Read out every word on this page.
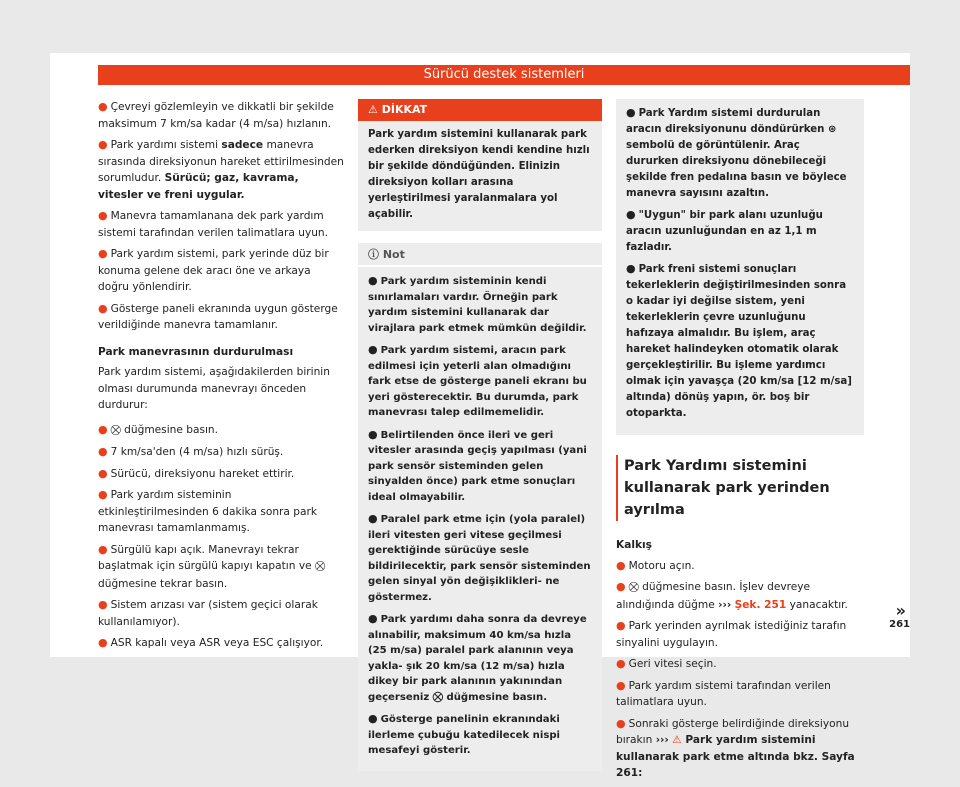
Sürücü destek sistemleri
● Çevreyi gözlemleyin ve dikkatli bir şekilde maksimum 7 km/sa kadar (4 m/sa) hızlanın.
● Park yardımı sistemi sadece manevra sırasında direksiyonun hareket ettirilmesinden sorumludur. Sürücü; gaz, kavrama, vitesler ve freni uygular.
● Manevra tamamlanana dek park yardım sistemi tarafından verilen talimatlara uyun.
● Park yardım sistemi, park yerinde düz bir konuma gelene dek aracı öne ve arkaya doğru yönlendirir.
● Gösterge paneli ekranında uygun gösterge verildiğinde manevra tamamlanır.
Park manevrasının durdurulması
Park yardım sistemi, aşağıdakilerden birinin olması durumunda manevrayı önceden durdurur:
● ⛒ düğmesine basın.
● 7 km/sa'den (4 m/sa) hızlı sürüş.
● Sürücü, direksiyonu hareket ettirir.
● Park yardım sisteminin etkinleştirilmesinden 6 dakika sonra park manevrası tamamlanmamış.
● Sürgülü kapı açık. Manevrayı tekrar başlatmak için sürgülü kapıyı kapatın ve ⛒ düğmesine tekrar basın.
● Sistem arızası var (sistem geçici olarak kullanılamıyor).
● ASR kapalı veya ASR veya ESC çalışıyor.
⚠ DİKKAT
Park yardım sistemini kullanarak park ederken direksiyon kendi kendine hızlı bir şekilde döndüğünden. Elinizin direksiyon kolları arasına yerleştirilmesi yaralanmalara yol açabilir.
ⓘ Not
● Park yardım sisteminin kendi sınırlamaları vardır. Örneğin park yardım sistemini kullanarak dar virajlara park etmek mümkün değildir.
● Park yardım sistemi, aracın park edilmesi için yeterli alan olmadığını fark etse de gösterge paneli ekranı bu yeri gösterecektir. Bu durumda, park manevrası talep edilmemelidir.
● Belirtilenden önce ileri ve geri vitesler arasında geçiş yapılması (yani park sensör sisteminden gelen sinyalden önce) park etme sonuçları ideal olmayabilir.
● Paralel park etme için (yola paralel) ileri vitesten geri vitese geçilmesi gerektiğinde sürücüye sesle bildirilecektir, park sensör sisteminden gelen sinyal yön değişiklikleri- ne göstermez.
● Park yardımı daha sonra da devreye alınabilir, maksimum 40 km/sa hızla (25 m/sa) paralel park alanının veya yakla- şık 20 km/sa (12 m/sa) hızla dikey bir park alanının yakınından geçerseniz ⛒ düğmesine basın.
● Gösterge panelinin ekranındaki ilerleme çubuğu katedilecek nispi mesafeyi gösterir.
● Park Yardım sistemi durdurulan aracın direksiyonunu döndürürken ⊛ sembolü de görüntülenir. Araç dururken direksiyonu dönebileceği şekilde fren pedalına basın ve böylece manevra sayısını azaltın.
● "Uygun" bir park alanı uzunluğu aracın uzunluğundan en az 1,1 m fazladır.
● Park freni sistemi sonuçları tekerleklerin değiştirilmesinden sonra o kadar iyi değilse sistem, yeni tekerleklerin çevre uzunluğunu hafızaya almalıdır. Bu işlem, araç hareket halindeyken otomatik olarak gerçekleştirilir. Bu işleme yardımcı olmak için yavaşça (20 km/sa [12 m/sa] altında) dönüş yapın, ör. boş bir otoparkta.
Park Yardımı sistemini kullanarak park yerinden ayrılma
Kalkış
● Motoru açın.
● ⛒ düğmesine basın. İşlev devreye alındığında düğme ››› Şek. 251 yanacaktır.
● Park yerinden ayrılmak istediğiniz tarafın sinyalini uygulayın.
● Geri vitesi seçin.
● Park yardım sistemi tarafından verilen talimatlara uyun.
● Sonraki gösterge belirdiğinde direksiyonu bırakın ››› ⚠ Park yardım sistemini kullanarak park etme altında bkz. Sayfa 261:
»
261
